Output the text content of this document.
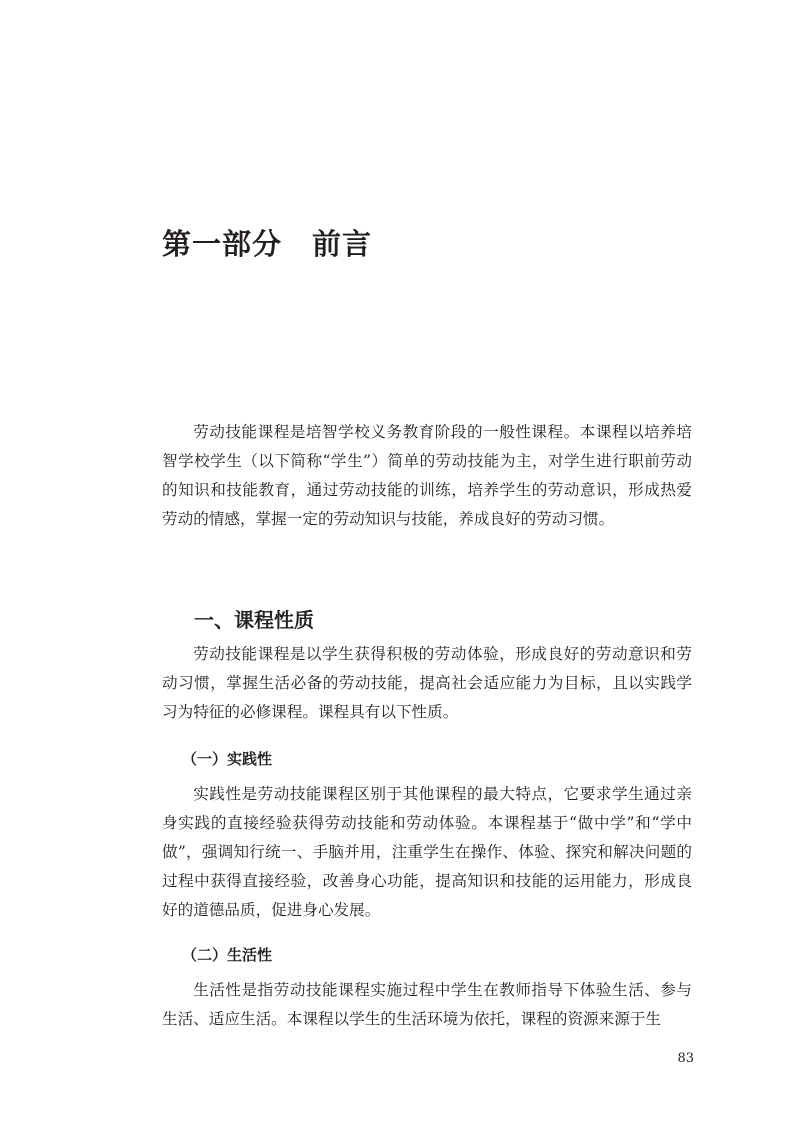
第一部分　前言

劳动技能课程是培智学校义务教育阶段的一般性课程。本课程以培养培智学校学生（以下简称“学生”）简单的劳动技能为主，对学生进行职前劳动的知识和技能教育，通过劳动技能的训练，培养学生的劳动意识，形成热爱劳动的情感，掌握一定的劳动知识与技能，养成良好的劳动习惯。

一、课程性质

劳动技能课程是以学生获得积极的劳动体验，形成良好的劳动意识和劳动习惯，掌握生活必备的劳动技能，提高社会适应能力为目标，且以实践学习为特征的必修课程。课程具有以下性质。

（一）实践性

实践性是劳动技能课程区别于其他课程的最大特点，它要求学生通过亲身实践的直接经验获得劳动技能和劳动体验。本课程基于“做中学”和“学中做”，强调知行统一、手脑并用，注重学生在操作、体验、探究和解决问题的过程中获得直接经验，改善身心功能，提高知识和技能的运用能力，形成良好的道德品质，促进身心发展。

（二）生活性

生活性是指劳动技能课程实施过程中学生在教师指导下体验生活、参与生活、适应生活。本课程以学生的生活环境为依托，课程的资源来源于生

83
